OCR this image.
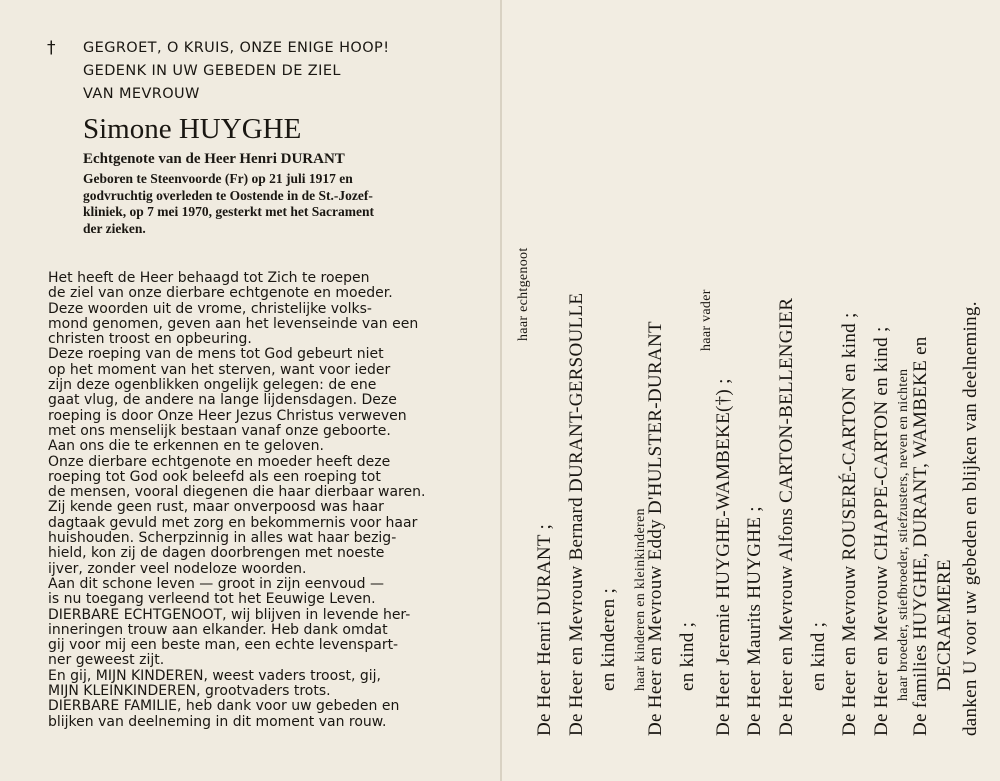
† GEGROET, O KRUIS, ONZE ENIGE HOOP!
GEDENK IN UW GEBEDEN DE ZIEL
VAN MEVROUW
Simone HUYGHE
Echtgenote van de Heer Henri DURANT
Geboren te Steenvoorde (Fr) op 21 juli 1917 en
godvruchtig overleden te Oostende in de St.-Jozef-
kliniek, op 7 mei 1970, gesterkt met het Sacrament
der zieken.
Het heeft de Heer behaagd tot Zich te roepen
de ziel van onze dierbare echtgenote en moeder.
Deze woorden uit de vrome, christelijke volks-
mond genomen, geven aan het levenseinde van een
christen troost en opbeuring.
Deze roeping van de mens tot God gebeurt niet
op het moment van het sterven, want voor ieder
zijn deze ogenblikken ongelijk gelegen: de ene
gaat vlug, de andere na lange lijdensdagen. Deze
roeping is door Onze Heer Jezus Christus verweven
met ons menselijk bestaan vanaf onze geboorte.
Aan ons die te erkennen en te geloven.
Onze dierbare echtgenote en moeder heeft deze
roeping tot God ook beleefd als een roeping tot
de mensen, vooral diegenen die haar dierbaar waren.
Zij kende geen rust, maar onverpoosd was haar
dagtaak gevuld met zorg en bekommernis voor haar
huishouden. Scherpzinnig in alles wat haar bezig-
hield, kon zij de dagen doorbrengen met noeste
ijver, zonder veel nodeloze woorden.
Aan dit schone leven — groot in zijn eenvoud —
is nu toegang verleend tot het Eeuwige Leven.
DIERBARE ECHTGENOOT, wij blijven in levende her-
inneringen trouw aan elkander. Heb dank omdat
gij voor mij een beste man, een echte levenspart-
ner geweest zijt.
En gij, MIJN KINDEREN, weest vaders troost, gij,
MIJN KLEINKINDEREN, grootvaders trots.
DIERBARE FAMILIE, heb dank voor uw gebeden en
blijken van deelneming in dit moment van rouw.
haar echtgenoot
De Heer Henri DURANT ; De Heer en Mevrouw Bernard DURANT-GERSOULLE en kinderen ; haar kinderen en kleinkinderen
De Heer en Mevrouw Eddy D'HULSTER-DURANT en kind ;
haar vader
De Heer Jeremie HUYGHE-WAMBEKE(†) ; De Heer Maurits HUYGHE ; De Heer en Mevrouw Alfons CARTON-BELLENGIER en kind ; De Heer en Mevrouw ROUSERÉ-CARTON en kind ; De Heer en Mevrouw CHAPPE-CARTON en kind ; haar broeder, stiefbroeder, stiefzusters, neven en nichten De families HUYGHE, DURANT, WAMBEKE en DECRAEMERE danken U voor uw gebeden en blijken van deelneming.
